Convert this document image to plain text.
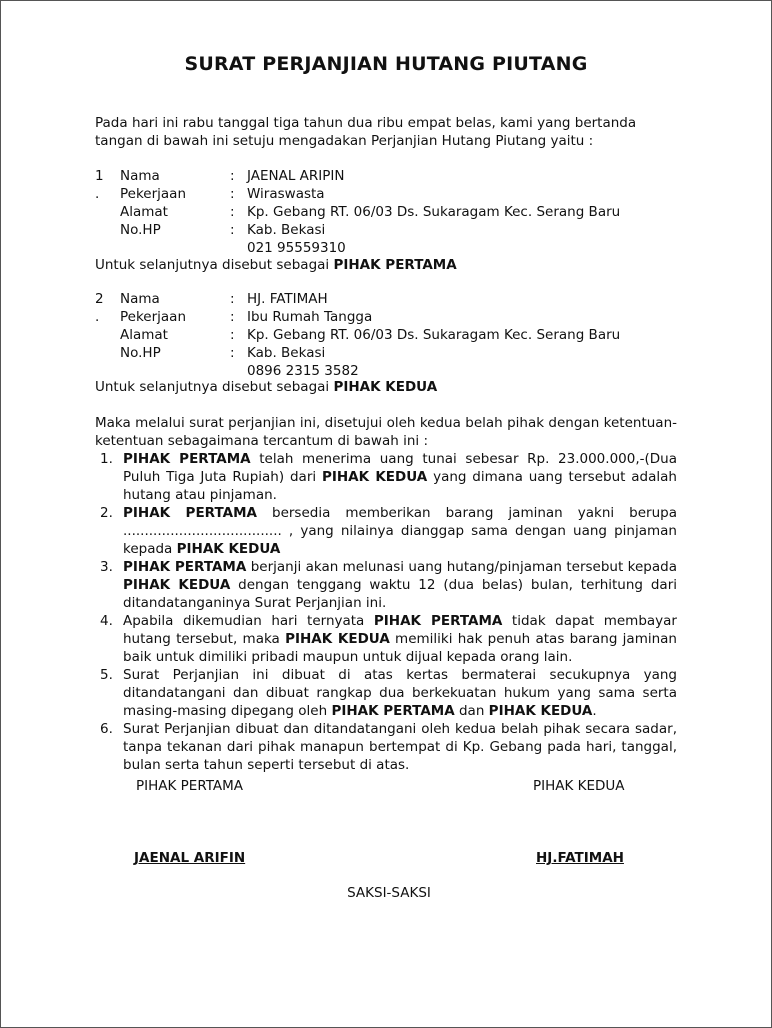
SURAT PERJANJIAN HUTANG PIUTANG
Pada hari ini rabu tanggal tiga tahun dua ribu empat belas, kami yang bertanda tangan di bawah ini setuju mengadakan Perjanjian Hutang Piutang yaitu :
1 Nama	: JAENAL ARIPIN
. Pekerjaan	: Wiraswasta
Alamat	: Kp. Gebang RT. 06/03 Ds. Sukaragam Kec. Serang Baru
No.HP	: Kab. Bekasi
021 95559310
Untuk selanjutnya disebut sebagai PIHAK PERTAMA
2 Nama	: HJ. FATIMAH
. Pekerjaan	: Ibu Rumah Tangga
Alamat	: Kp. Gebang RT. 06/03 Ds. Sukaragam Kec. Serang Baru
No.HP	: Kab. Bekasi
0896 2315 3582
Untuk selanjutnya disebut sebagai PIHAK KEDUA
Maka melalui surat perjanjian ini, disetujui oleh kedua belah pihak dengan ketentuan-ketentuan sebagaimana tercantum di bawah ini :
1. PIHAK PERTAMA telah menerima uang tunai sebesar Rp. 23.000.000,-(Dua Puluh Tiga Juta Rupiah) dari PIHAK KEDUA yang dimana uang tersebut adalah hutang atau pinjaman.
2. PIHAK PERTAMA bersedia memberikan barang jaminan yakni berupa ..................................... , yang nilainya dianggap sama dengan uang pinjaman kepada PIHAK KEDUA
3. PIHAK PERTAMA berjanji akan melunasi uang hutang/pinjaman tersebut kepada PIHAK KEDUA dengan tenggang waktu 12 (dua belas) bulan, terhitung dari ditandatanganinya Surat Perjanjian ini.
4. Apabila dikemudian hari ternyata PIHAK PERTAMA tidak dapat membayar hutang tersebut, maka PIHAK KEDUA memiliki hak penuh atas barang jaminan baik untuk dimiliki pribadi maupun untuk dijual kepada orang lain.
5. Surat Perjanjian ini dibuat di atas kertas bermaterai secukupnya yang ditandatangani dan dibuat rangkap dua berkekuatan hukum yang sama serta masing-masing dipegang oleh PIHAK PERTAMA dan PIHAK KEDUA.
6. Surat Perjanjian dibuat dan ditandatangani oleh kedua belah pihak secara sadar, tanpa tekanan dari pihak manapun bertempat di Kp. Gebang pada hari, tanggal, bulan serta tahun seperti tersebut di atas.
PIHAK PERTAMA	PIHAK KEDUA
JAENAL ARIFIN	HJ.FATIMAH
SAKSI-SAKSI
